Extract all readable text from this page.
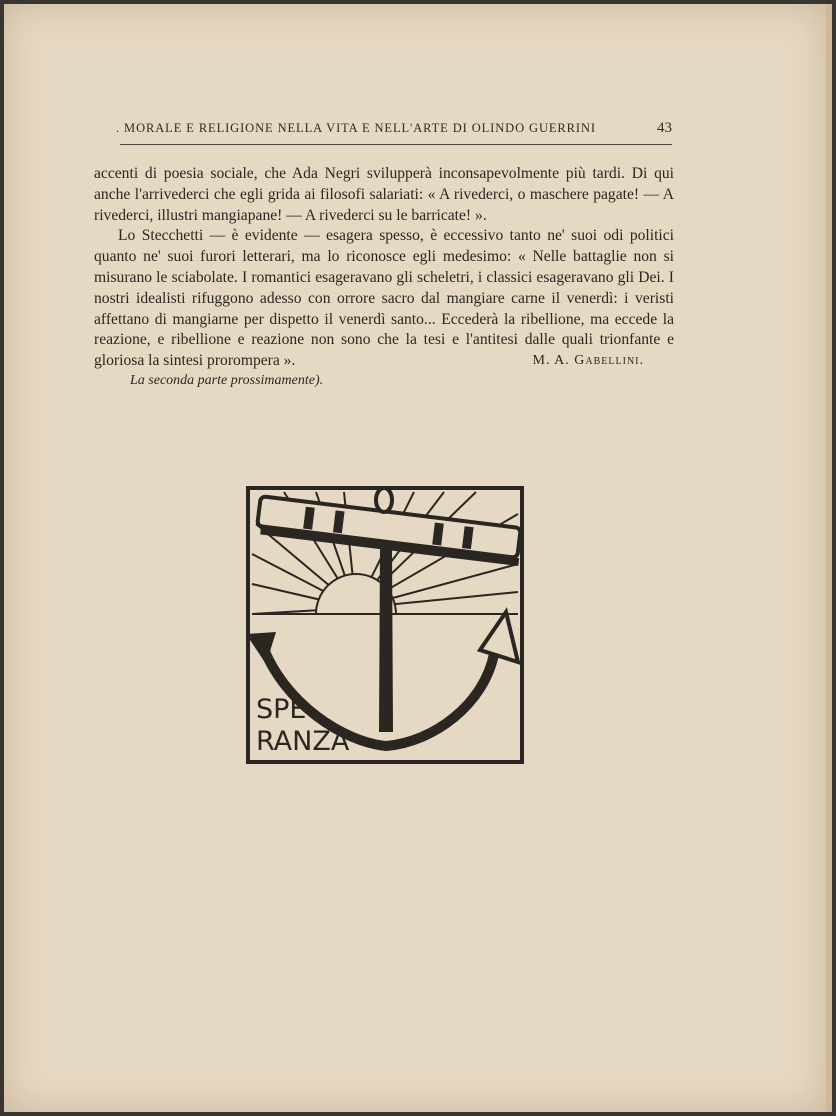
. MORALE E RELIGIONE NELLA VITA E NELL'ARTE DI OLINDO GUERRINI	43

accenti di poesia sociale, che Ada Negri svilupperà inconsapevolmente più tardi. Di qui anche l'arrivederci che egli grida ai filosofi salariati: « A rivederci, o maschere pagate! — A rivederci, illustri mangiapane! — A rivederci su le barricate! ».

Lo Stecchetti — è evidente — esagera spesso, è eccessivo tanto ne' suoi odi politici quanto ne' suoi furori letterari, ma lo riconosce egli medesimo: « Nelle battaglie non si misurano le sciabolate. I romantici esageravano gli scheletri, i classici esageravano gli Dei. I nostri idealisti rifuggono adesso con orrore sacro dal mangiare carne il venerdì: i veristi affettano di mangiarne per dispetto il venerdì santo... Eccederà la ribellione, ma eccede la reazione, e ribellione e reazione non sono che la tesi e l'antitesi dalle quali trionfante e gloriosa la sintesi prorompera ».	M. A. Gabellini.
La seconda parte prossimamente).
SPE-
RANZA
